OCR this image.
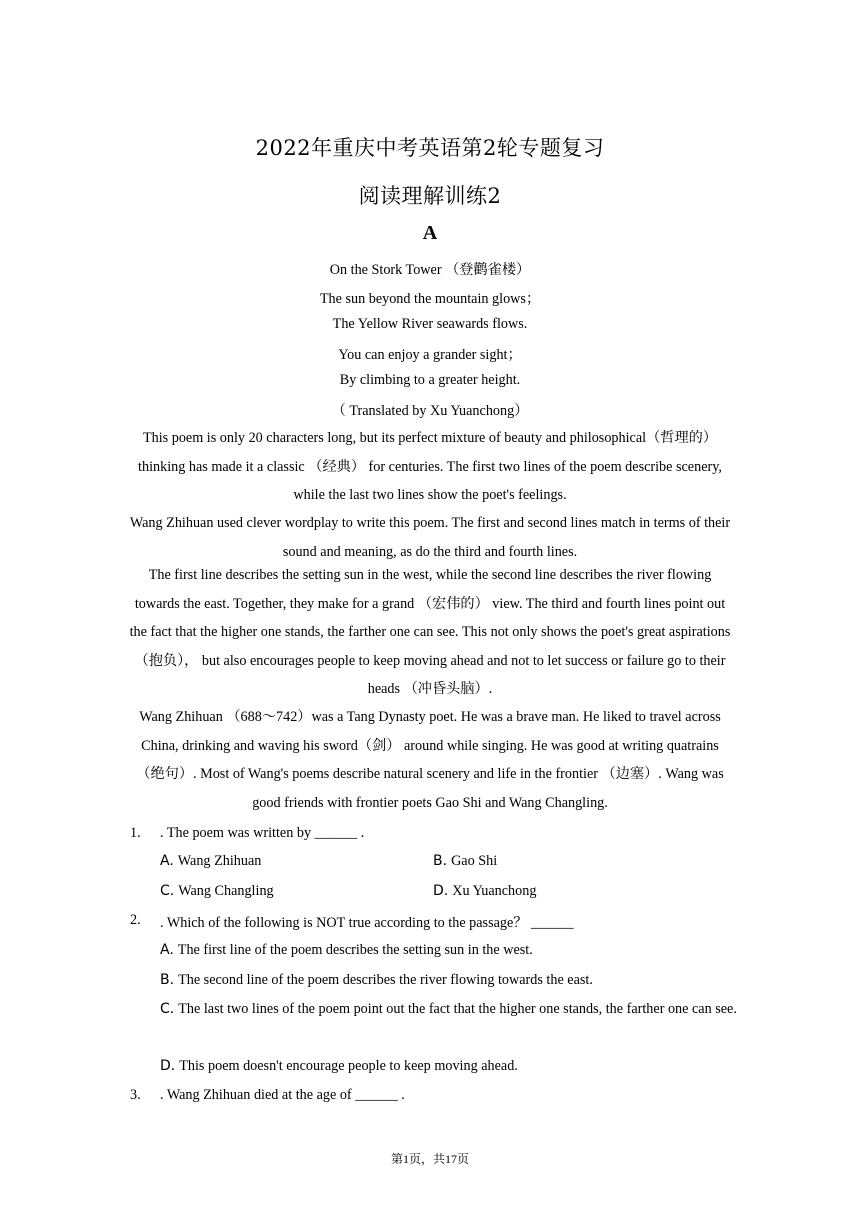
2022年重庆中考英语第2轮专题复习
阅读理解训练2
A
On the Stork Tower （登鹳雀楼）
The sun beyond the mountain glows；
The Yellow River seawards flows.
You can enjoy a grander sight；
By climbing to a greater height.
（ Translated by Xu Yuanchong）
This poem is only 20 characters long, but its perfect mixture of beauty and philosophical（哲理的） thinking has made it a classic （经典） for centuries. The first two lines of the poem describe scenery, while the last two lines show the poet's feelings.
Wang Zhihuan used clever wordplay to write this poem. The first and second lines match in terms of their sound and meaning, as do the third and fourth lines.
The first line describes the setting sun in the west, while the second line describes the river flowing towards the east. Together, they make for a grand （宏伟的） view. The third and fourth lines point out the fact that the higher one stands, the farther one can see. This not only shows the poet's great aspirations （抱负）， but also encourages people to keep moving ahead and not to let success or failure go to their heads （冲昏头脑）.
Wang Zhihuan （688～742）was a Tang Dynasty poet. He was a brave man. He liked to travel across China, drinking and waving his sword（剑） around while singing. He was good at writing quatrains （绝句）. Most of Wang's poems describe natural scenery and life in the frontier （边塞）. Wang was good friends with frontier poets Gao Shi and Wang Changling.
1. . The poem was written by ______ .
A. Wang Zhihuan	B. Gao Shi
C. Wang Changling	D. Xu Yuanchong
2. . Which of the following is NOT true according to the passage？ ______
A. The first line of the poem describes the setting sun in the west.
B. The second line of the poem describes the river flowing towards the east.
C. The last two lines of the poem point out the fact that the higher one stands, the farther one can see.
D. This poem doesn't encourage people to keep moving ahead.
3. . Wang Zhihuan died at the age of ______ .
第1页，共17页
